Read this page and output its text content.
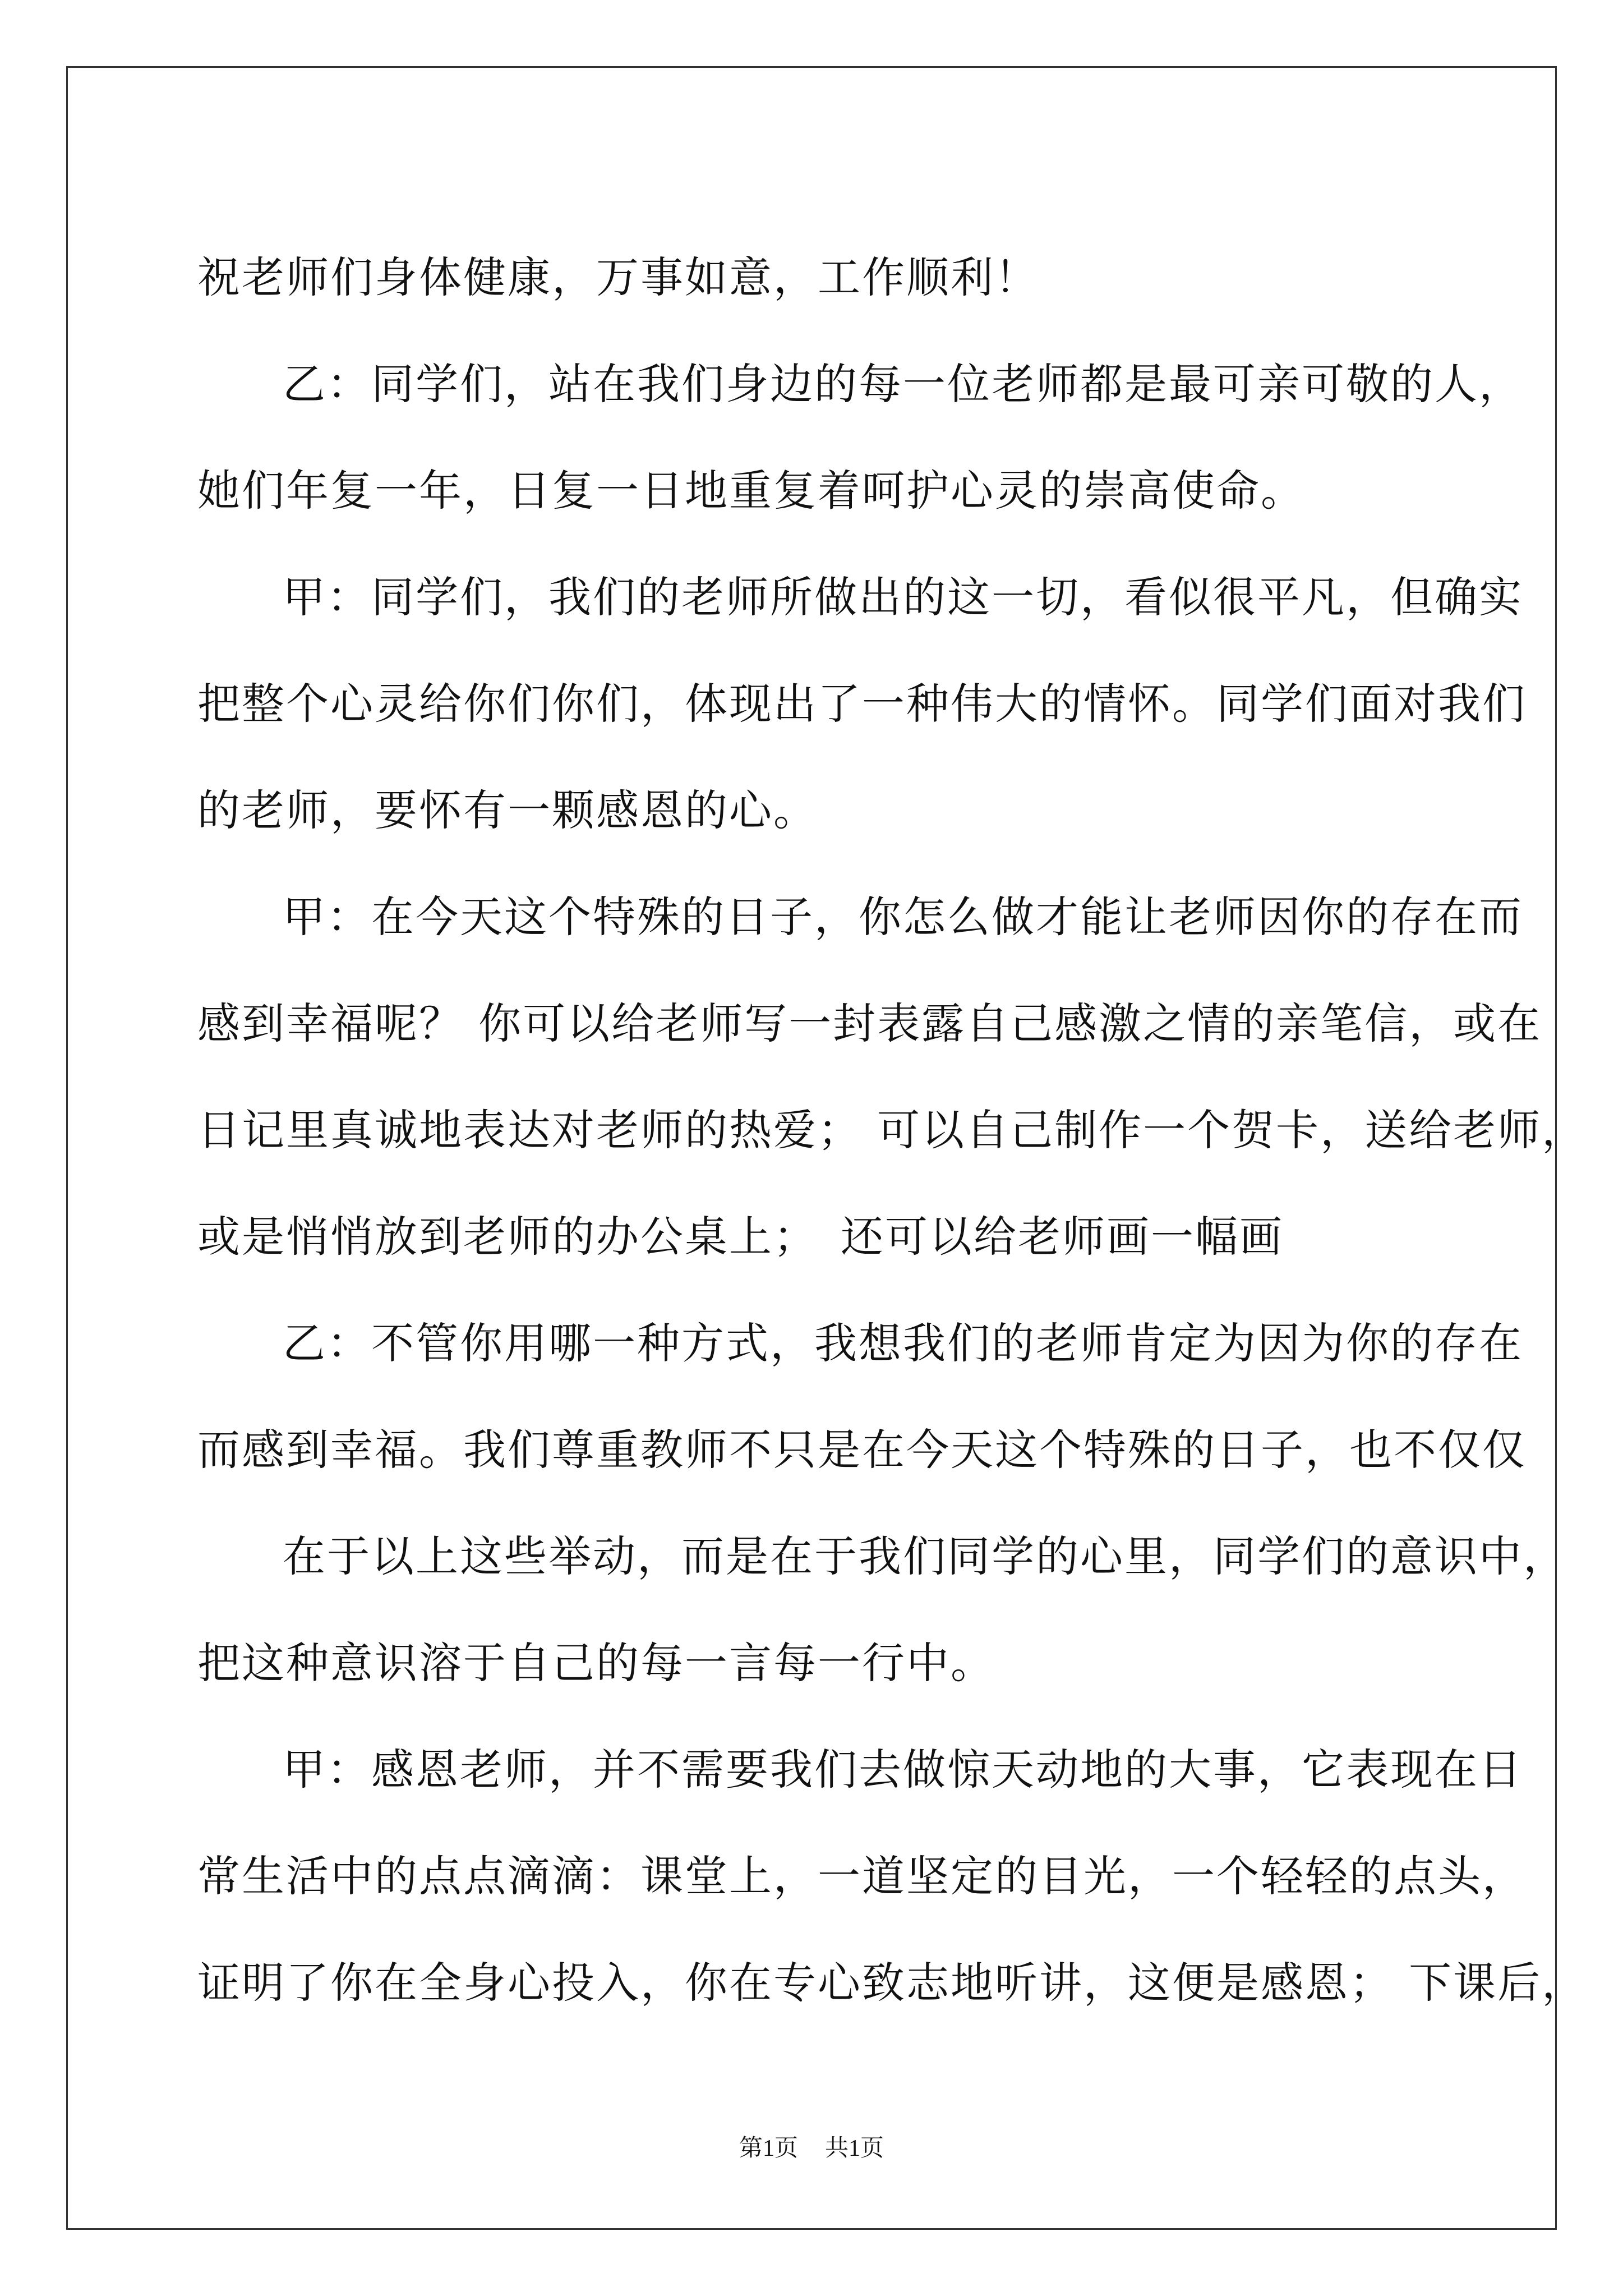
祝老师们身体健康，万事如意，工作顺利！
乙：同学们，站在我们身边的每一位老师都是最可亲可敬的人，
她们年复一年，日复一日地重复着呵护心灵的崇高使命。
甲：同学们，我们的老师所做出的这一切，看似很平凡，但确实
把整个心灵给你们你们，体现出了一种伟大的情怀。同学们面对我们
的老师，要怀有一颗感恩的心。
甲：在今天这个特殊的日子，你怎么做才能让老师因你的存在而
感到幸福呢？ 你可以给老师写一封表露自己感激之情的亲笔信，或在
日记里真诚地表达对老师的热爱； 可以自己制作一个贺卡，送给老师，
或是悄悄放到老师的办公桌上；　还可以给老师画一幅画
乙：不管你用哪一种方式，我想我们的老师肯定为因为你的存在
而感到幸福。我们尊重教师不只是在今天这个特殊的日子，也不仅仅
在于以上这些举动，而是在于我们同学的心里，同学们的意识中，
把这种意识溶于自己的每一言每一行中。
甲：感恩老师，并不需要我们去做惊天动地的大事，它表现在日
常生活中的点点滴滴：课堂上，一道坚定的目光，一个轻轻的点头，
证明了你在全身心投入，你在专心致志地听讲，这便是感恩； 下课后，
第1页 共1页
